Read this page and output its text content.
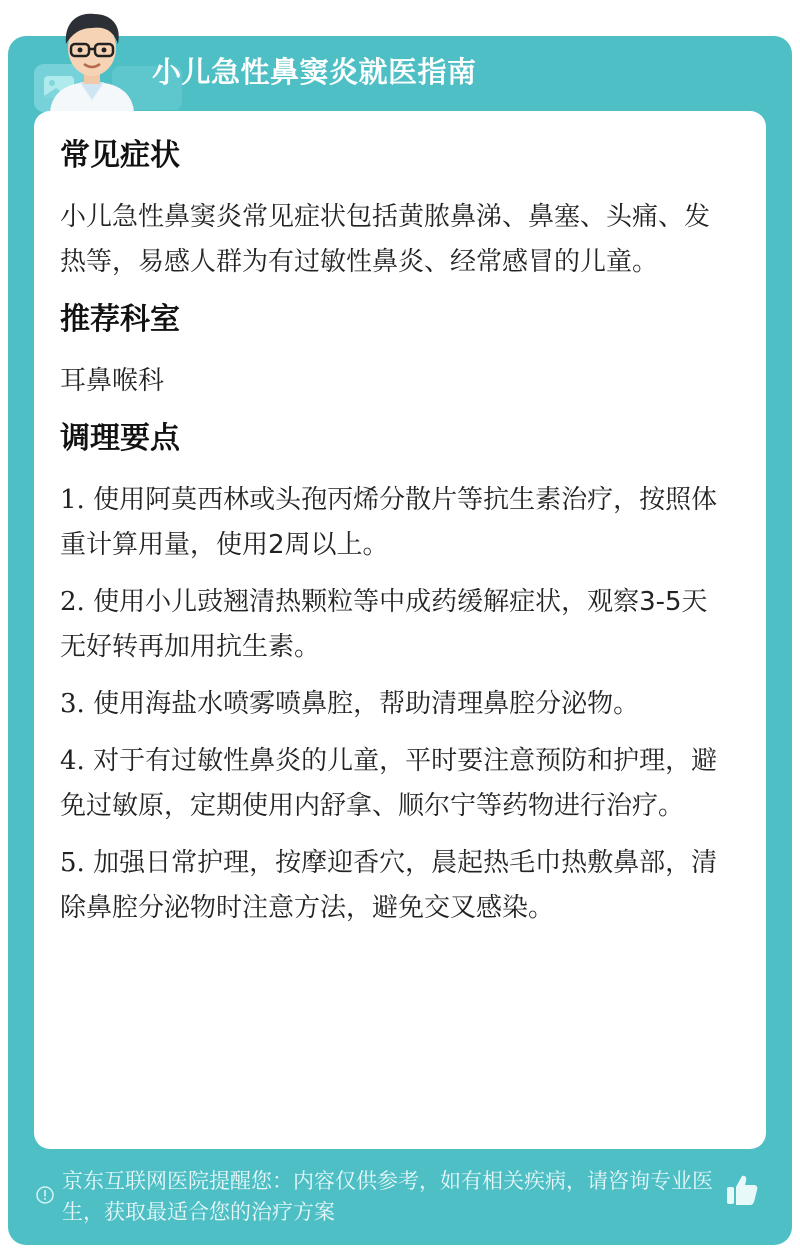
小儿急性鼻窦炎就医指南
常见症状
小儿急性鼻窦炎常见症状包括黄脓鼻涕、鼻塞、头痛、发热等，易感人群为有过敏性鼻炎、经常感冒的儿童。
推荐科室
耳鼻喉科
调理要点
1. 使用阿莫西林或头孢丙烯分散片等抗生素治疗，按照体重计算用量，使用2周以上。
2. 使用小儿豉翘清热颗粒等中成药缓解症状，观察3-5天无好转再加用抗生素。
3. 使用海盐水喷雾喷鼻腔，帮助清理鼻腔分泌物。
4. 对于有过敏性鼻炎的儿童，平时要注意预防和护理，避免过敏原，定期使用内舒拿、顺尔宁等药物进行治疗。
5. 加强日常护理，按摩迎香穴，晨起热毛巾热敷鼻部，清除鼻腔分泌物时注意方法，避免交叉感染。
京东互联网医院提醒您：内容仅供参考，如有相关疾病，请咨询专业医生，获取最适合您的治疗方案
